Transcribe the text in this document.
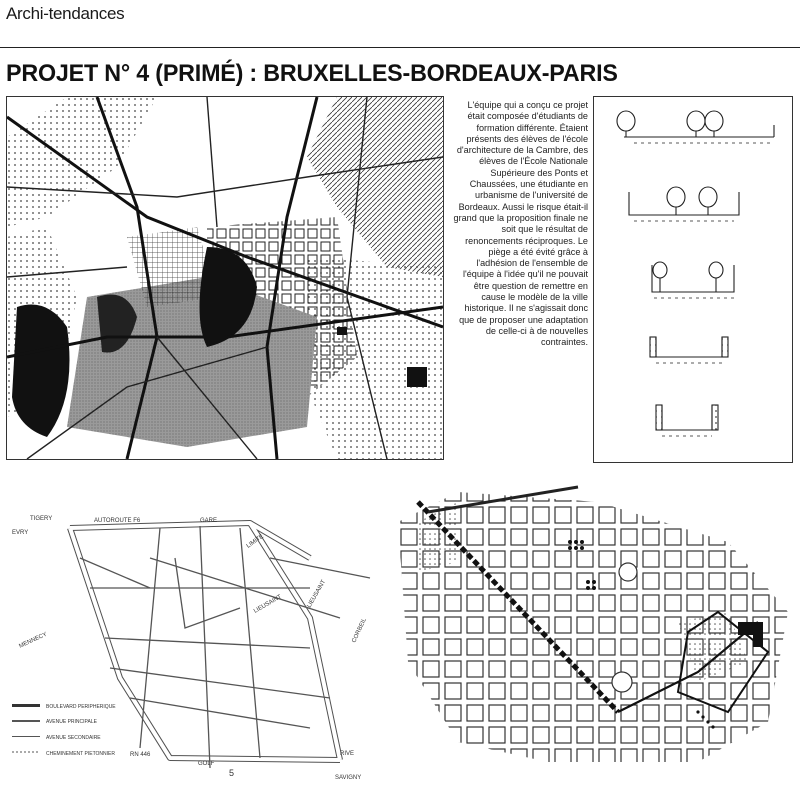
Archi-tendances
PROJET N° 4 (PRIMÉ) : BRUXELLES-BORDEAUX-PARIS
L'équipe qui a conçu ce projet était composée d'étudiants de formation différente. Étaient présents des élèves de l'école d'architecture de la Cambre, des élèves de l'École Nationale Supérieure des Ponts et Chaussées, une étudiante en urbanisme de l'université de Bordeaux. Aussi le risque était-il grand que la proposition finale ne soit que le résultat de renoncements réciproques. Le piège a été évité grâce à l'adhésion de l'ensemble de l'équipe à l'idée qu'il ne pouvait être question de remettre en cause le modèle de la ville historique. Il ne s'agissait donc que de proposer une adaptation de celle-ci à de nouvelles contraintes.
TIGERY
EVRY
AUTOROUTE F6	GARE
LIMITE
LIEUSAINT	LIEUSAINT
CORBEIL
MENNECY
RN 446
GOLF
RIVE
SAVIGNY
BOULEVARD PERIPHERIQUE
AVENUE PRINCIPALE
AVENUE SECONDAIRE
CHEMINEMENT PIETONNIER
5
